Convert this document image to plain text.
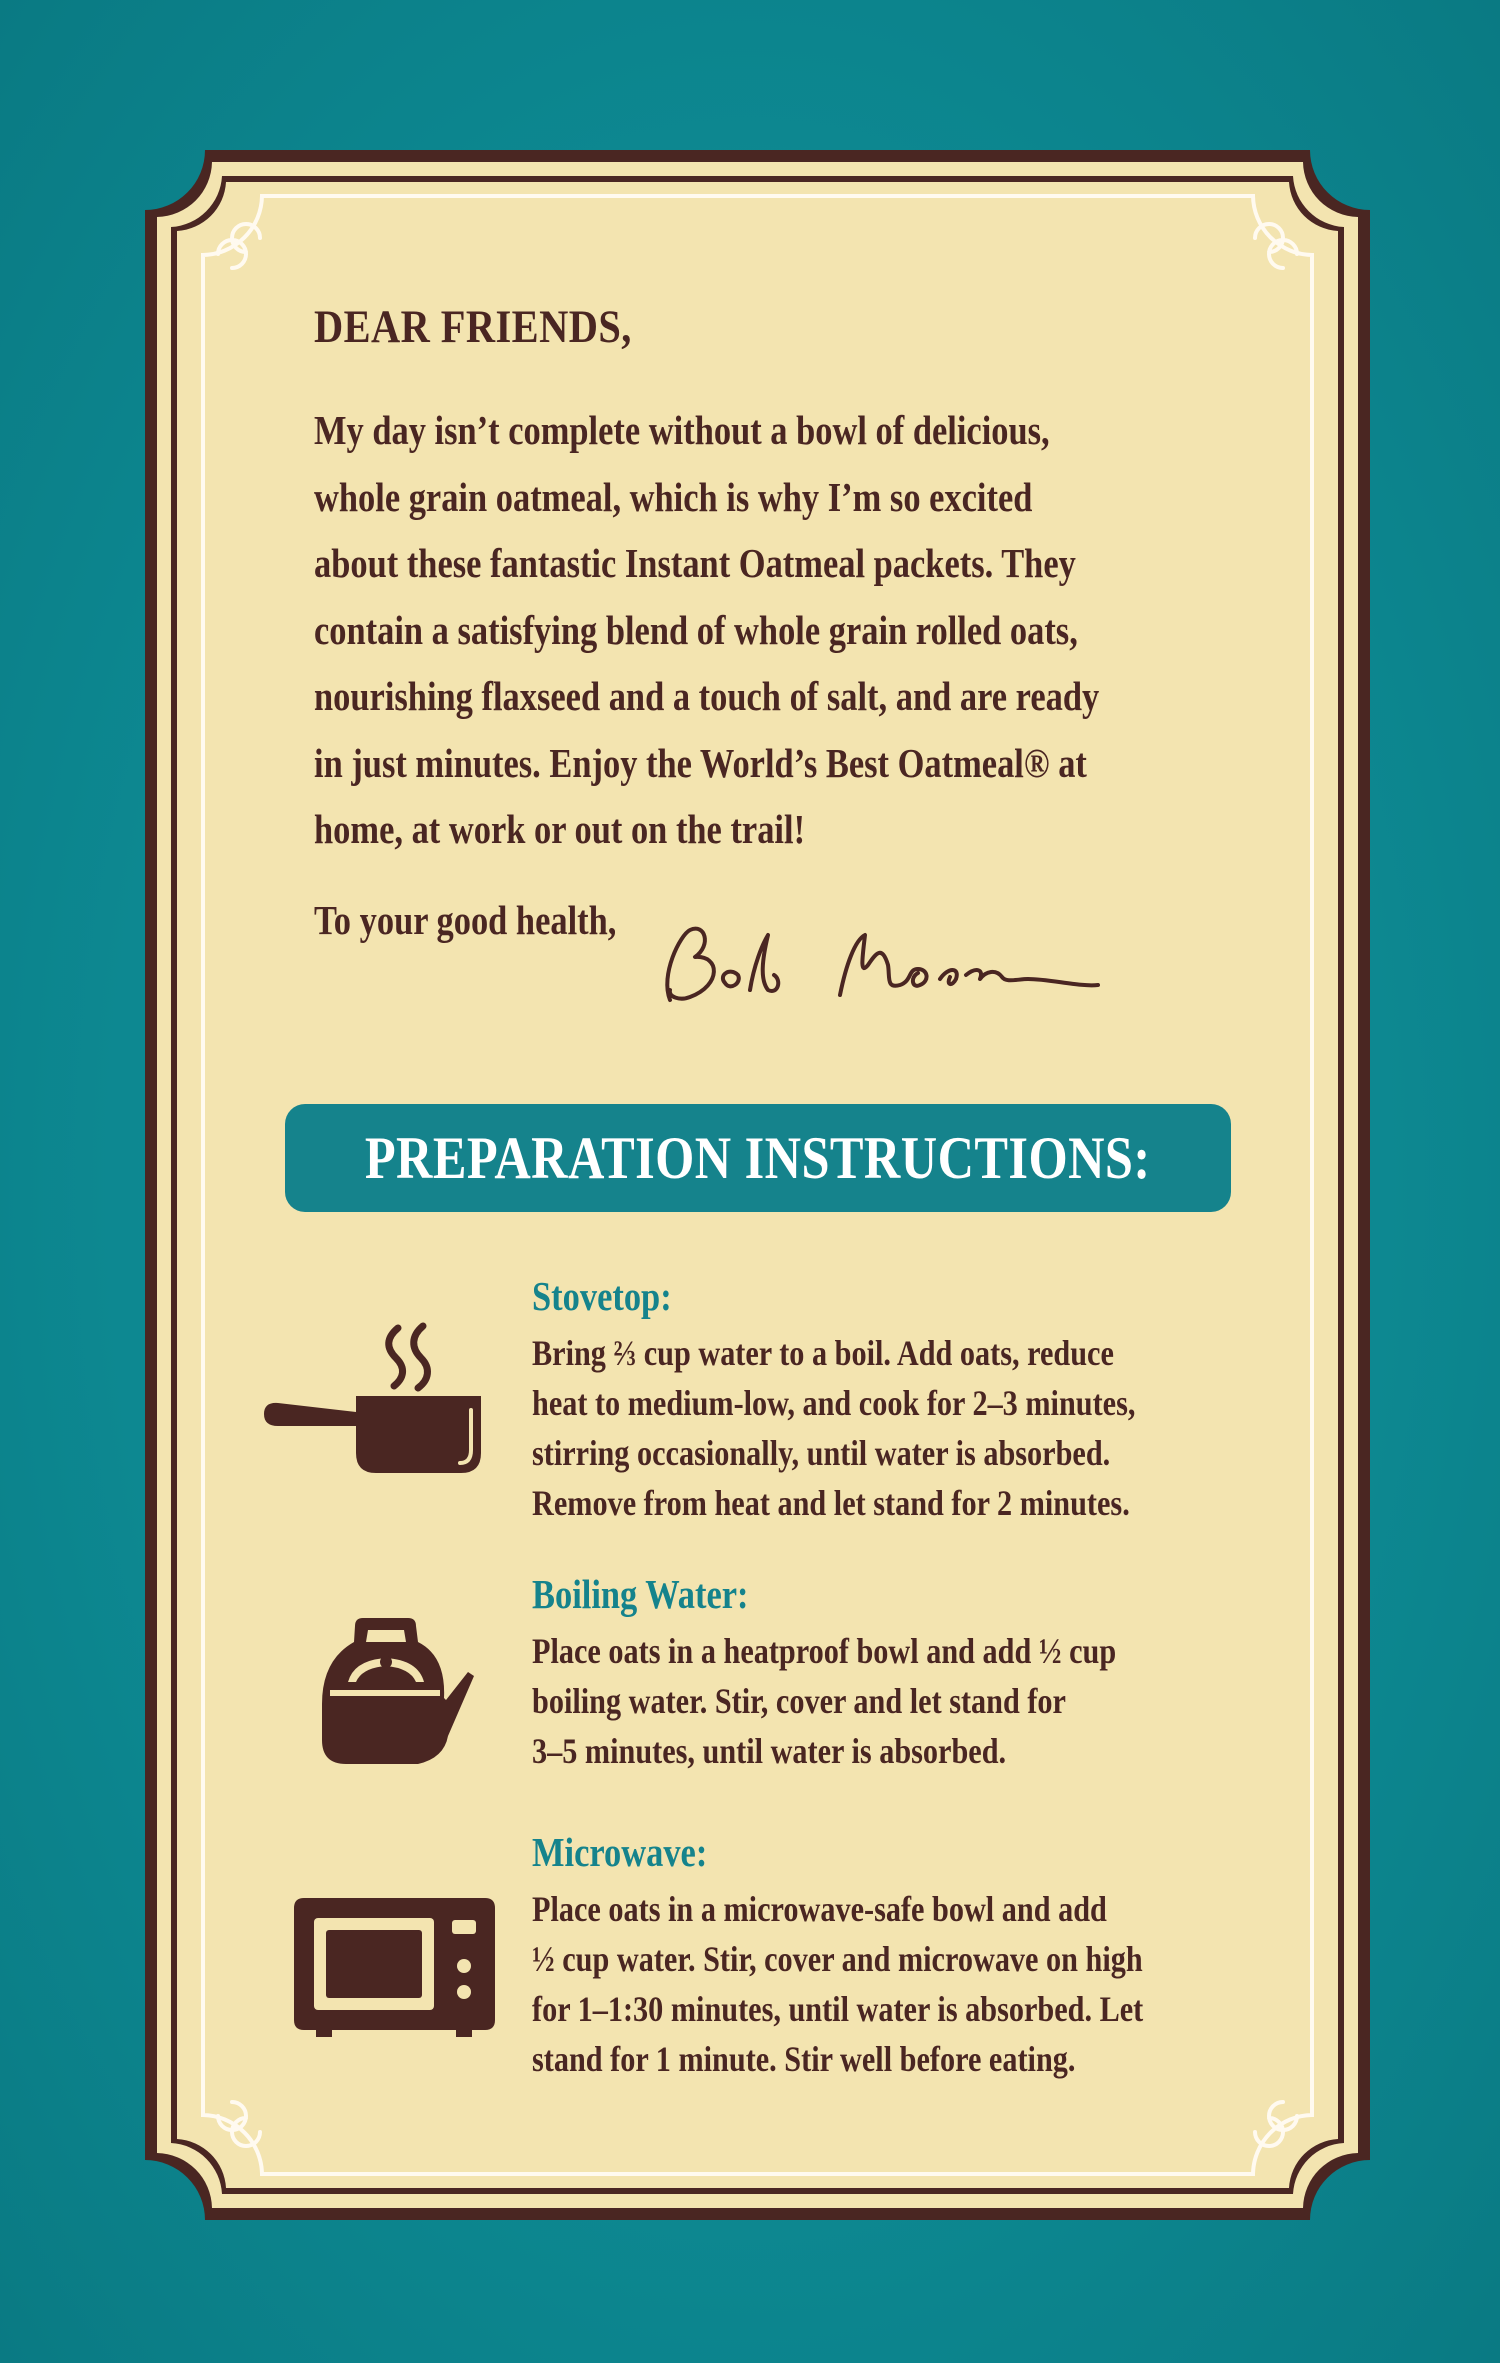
DEAR FRIENDS,

My day isn’t complete without a bowl of delicious,

whole grain oatmeal, which is why I’m so excited

about these fantastic Instant Oatmeal packets. They

contain a satisfying blend of whole grain rolled oats,

nourishing flaxseed and a touch of salt, and are ready

in just minutes. Enjoy the World’s Best Oatmeal® at

home, at work or out on the trail!

To your good health,

PREPARATION INSTRUCTIONS:

Stovetop:

Bring ⅔ cup water to a boil. Add oats, reduce

heat to medium-low, and cook for 2–3 minutes,

stirring occasionally, until water is absorbed.

Remove from heat and let stand for 2 minutes.

Boiling Water:

Place oats in a heatproof bowl and add ½ cup

boiling water. Stir, cover and let stand for

3–5 minutes, until water is absorbed.

Microwave:

Place oats in a microwave-safe bowl and add

½ cup water. Stir, cover and microwave on high

for 1–1:30 minutes, until water is absorbed. Let

stand for 1 minute. Stir well before eating.
